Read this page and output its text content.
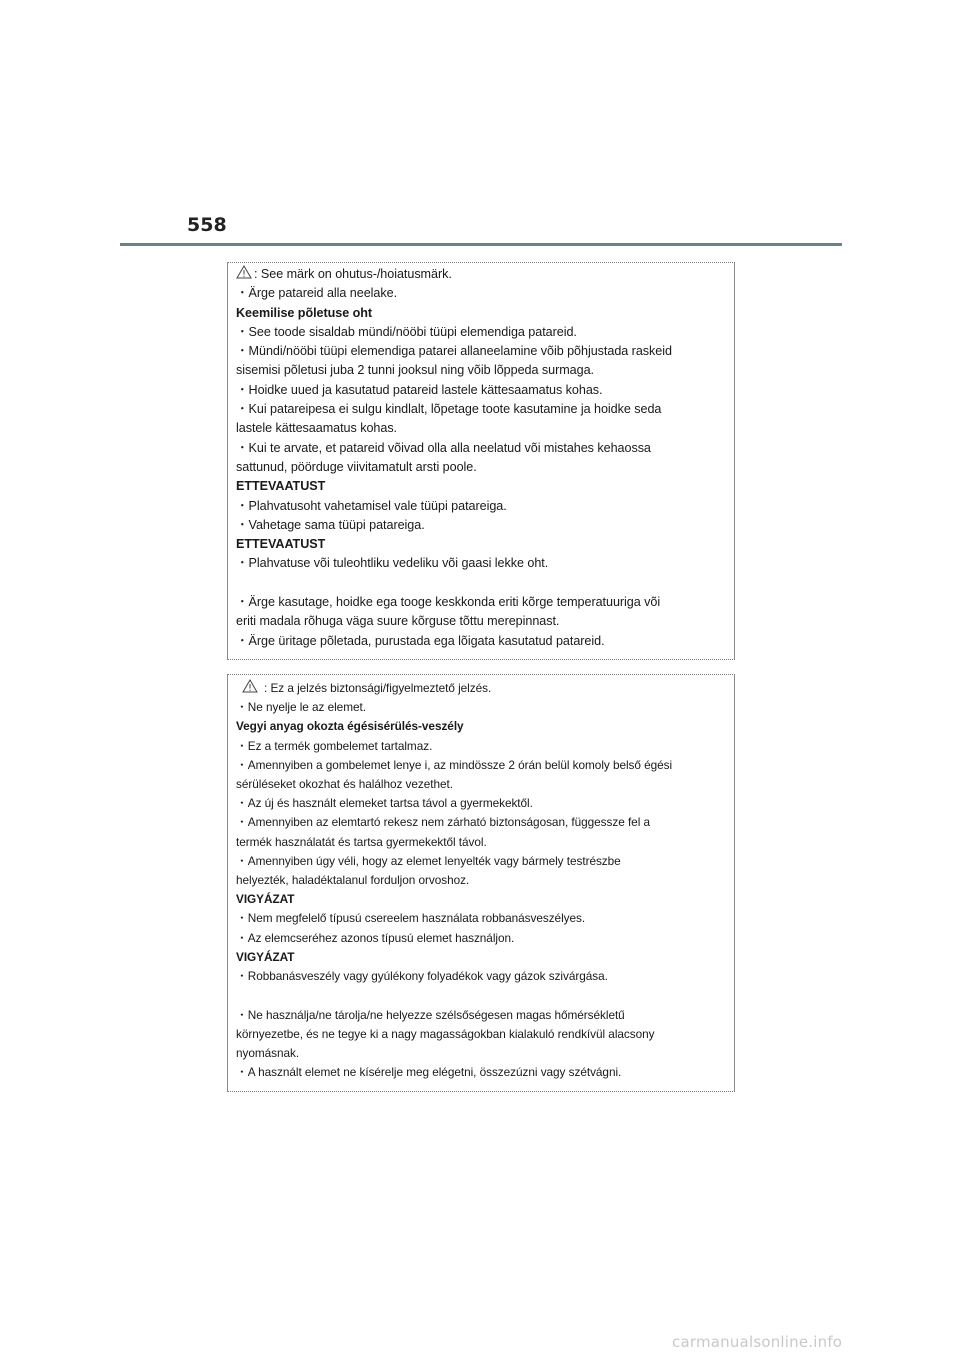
558
: See märk on ohutus-/hoiatusmärk.
・Ärge patareid alla neelake.
Keemilise põletuse oht
・See toode sisaldab mündi/nööbi tüüpi elemendiga patareid.
・Mündi/nööbi tüüpi elemendiga patarei allaneelamine võib põhjustada raskeid
sisemisi põletusi juba 2 tunni jooksul ning võib lõppeda surmaga.
・Hoidke uued ja kasutatud patareid lastele kättesaamatus kohas.
・Kui patareipesa ei sulgu kindlalt, lõpetage toote kasutamine ja hoidke seda
lastele kättesaamatus kohas.
・Kui te arvate, et patareid võivad olla alla neelatud või mistahes kehaossa
sattunud, pöörduge viivitamatult arsti poole.
ETTEVAATUST
・Plahvatusoht vahetamisel vale tüüpi patareiga.
・Vahetage sama tüüpi patareiga.
ETTEVAATUST
・Plahvatuse või tuleohtliku vedeliku või gaasi lekke oht.
・Ärge kasutage, hoidke ega tooge keskkonda eriti kõrge temperatuuriga või
eriti madala rõhuga väga suure kõrguse tõttu merepinnast.
・Ärge üritage põletada, purustada ega lõigata kasutatud patareid.
: Ez a jelzés biztonsági/figyelmeztető jelzés.
・Ne nyelje le az elemet.
Vegyi anyag okozta égésisérülés-veszély
・Ez a termék gombelemet tartalmaz.
・Amennyiben a gombelemet lenye i, az mindössze 2 órán belül komoly belső égési
sérüléseket okozhat és halálhoz vezethet.
・Az új és használt elemeket tartsa távol a gyermekektől.
・Amennyiben az elemtartó rekesz nem zárható biztonságosan, függessze fel a
termék használatát és tartsa gyermekektől távol.
・Amennyiben úgy véli, hogy az elemet lenyelték vagy bármely testrészbe
helyezték, haladéktalanul forduljon orvoshoz.
VIGYÁZAT
・Nem megfelelő típusú csereelem használata robbanásveszélyes.
・Az elemcseréhez azonos típusú elemet használjon.
VIGYÁZAT
・Robbanásveszély vagy gyúlékony folyadékok vagy gázok szivárgása.
・Ne használja/ne tárolja/ne helyezze szélsőségesen magas hőmérsékletű
környezetbe, és ne tegye ki a nagy magasságokban kialakuló rendkívül alacsony
nyomásnak.
・A használt elemet ne kísérelje meg elégetni, összezúzni vagy szétvágni.
carmanualsonline.info
